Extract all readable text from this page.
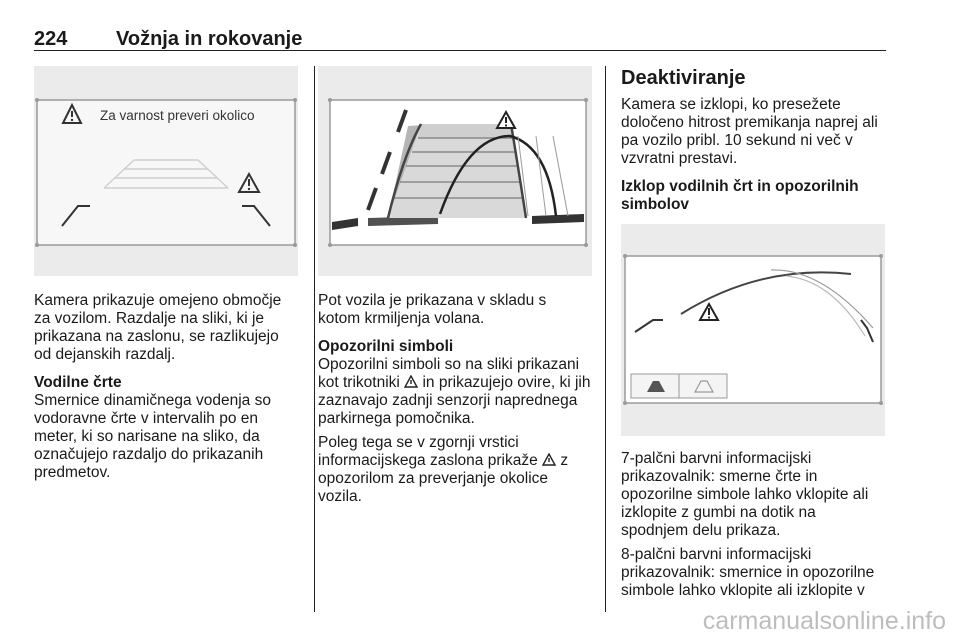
224 Vožnja in rokovanje
Za varnost preveri okolico

Kamera prikazuje omejeno območje za vozilom. Razdalje na sliki, ki je prikazana na zaslonu, se razlikujejo od dejanskih razdalj.

Vodilne črte

Smernice dinamičnega vodenja so vodoravne črte v intervalih po en meter, ki so narisane na sliko, da označujejo razdaljo do prikazanih predmetov.

Pot vozila je prikazana v skladu s kotom krmiljenja volana.

Opozorilni simboli

Opozorilni simboli so na sliki prikazani kot trikotniki in prikazujejo ovire, ki jih zaznavajo zadnji senzorji naprednega parkirnega pomočnika.

Poleg tega se v zgornji vrstici informacijskega zaslona prikaže z opozorilom za preverjanje okolice vozila.

Deaktiviranje

Kamera se izklopi, ko presežete določeno hitrost premikanja naprej ali pa vozilo pribl. 10 sekund ni več v vzvratni prestavi.

Izklop vodilnih črt in opozorilnih simbolov

7-palčni barvni informacijski prikazovalnik: smerne črte in opozorilne simbole lahko vklopite ali izklopite z gumbi na dotik na spodnjem delu prikaza.

8-palčni barvni informacijski prikazovalnik: smernice in opozorilne simbole lahko vklopite ali izklopite v

carmanualsonline.info
